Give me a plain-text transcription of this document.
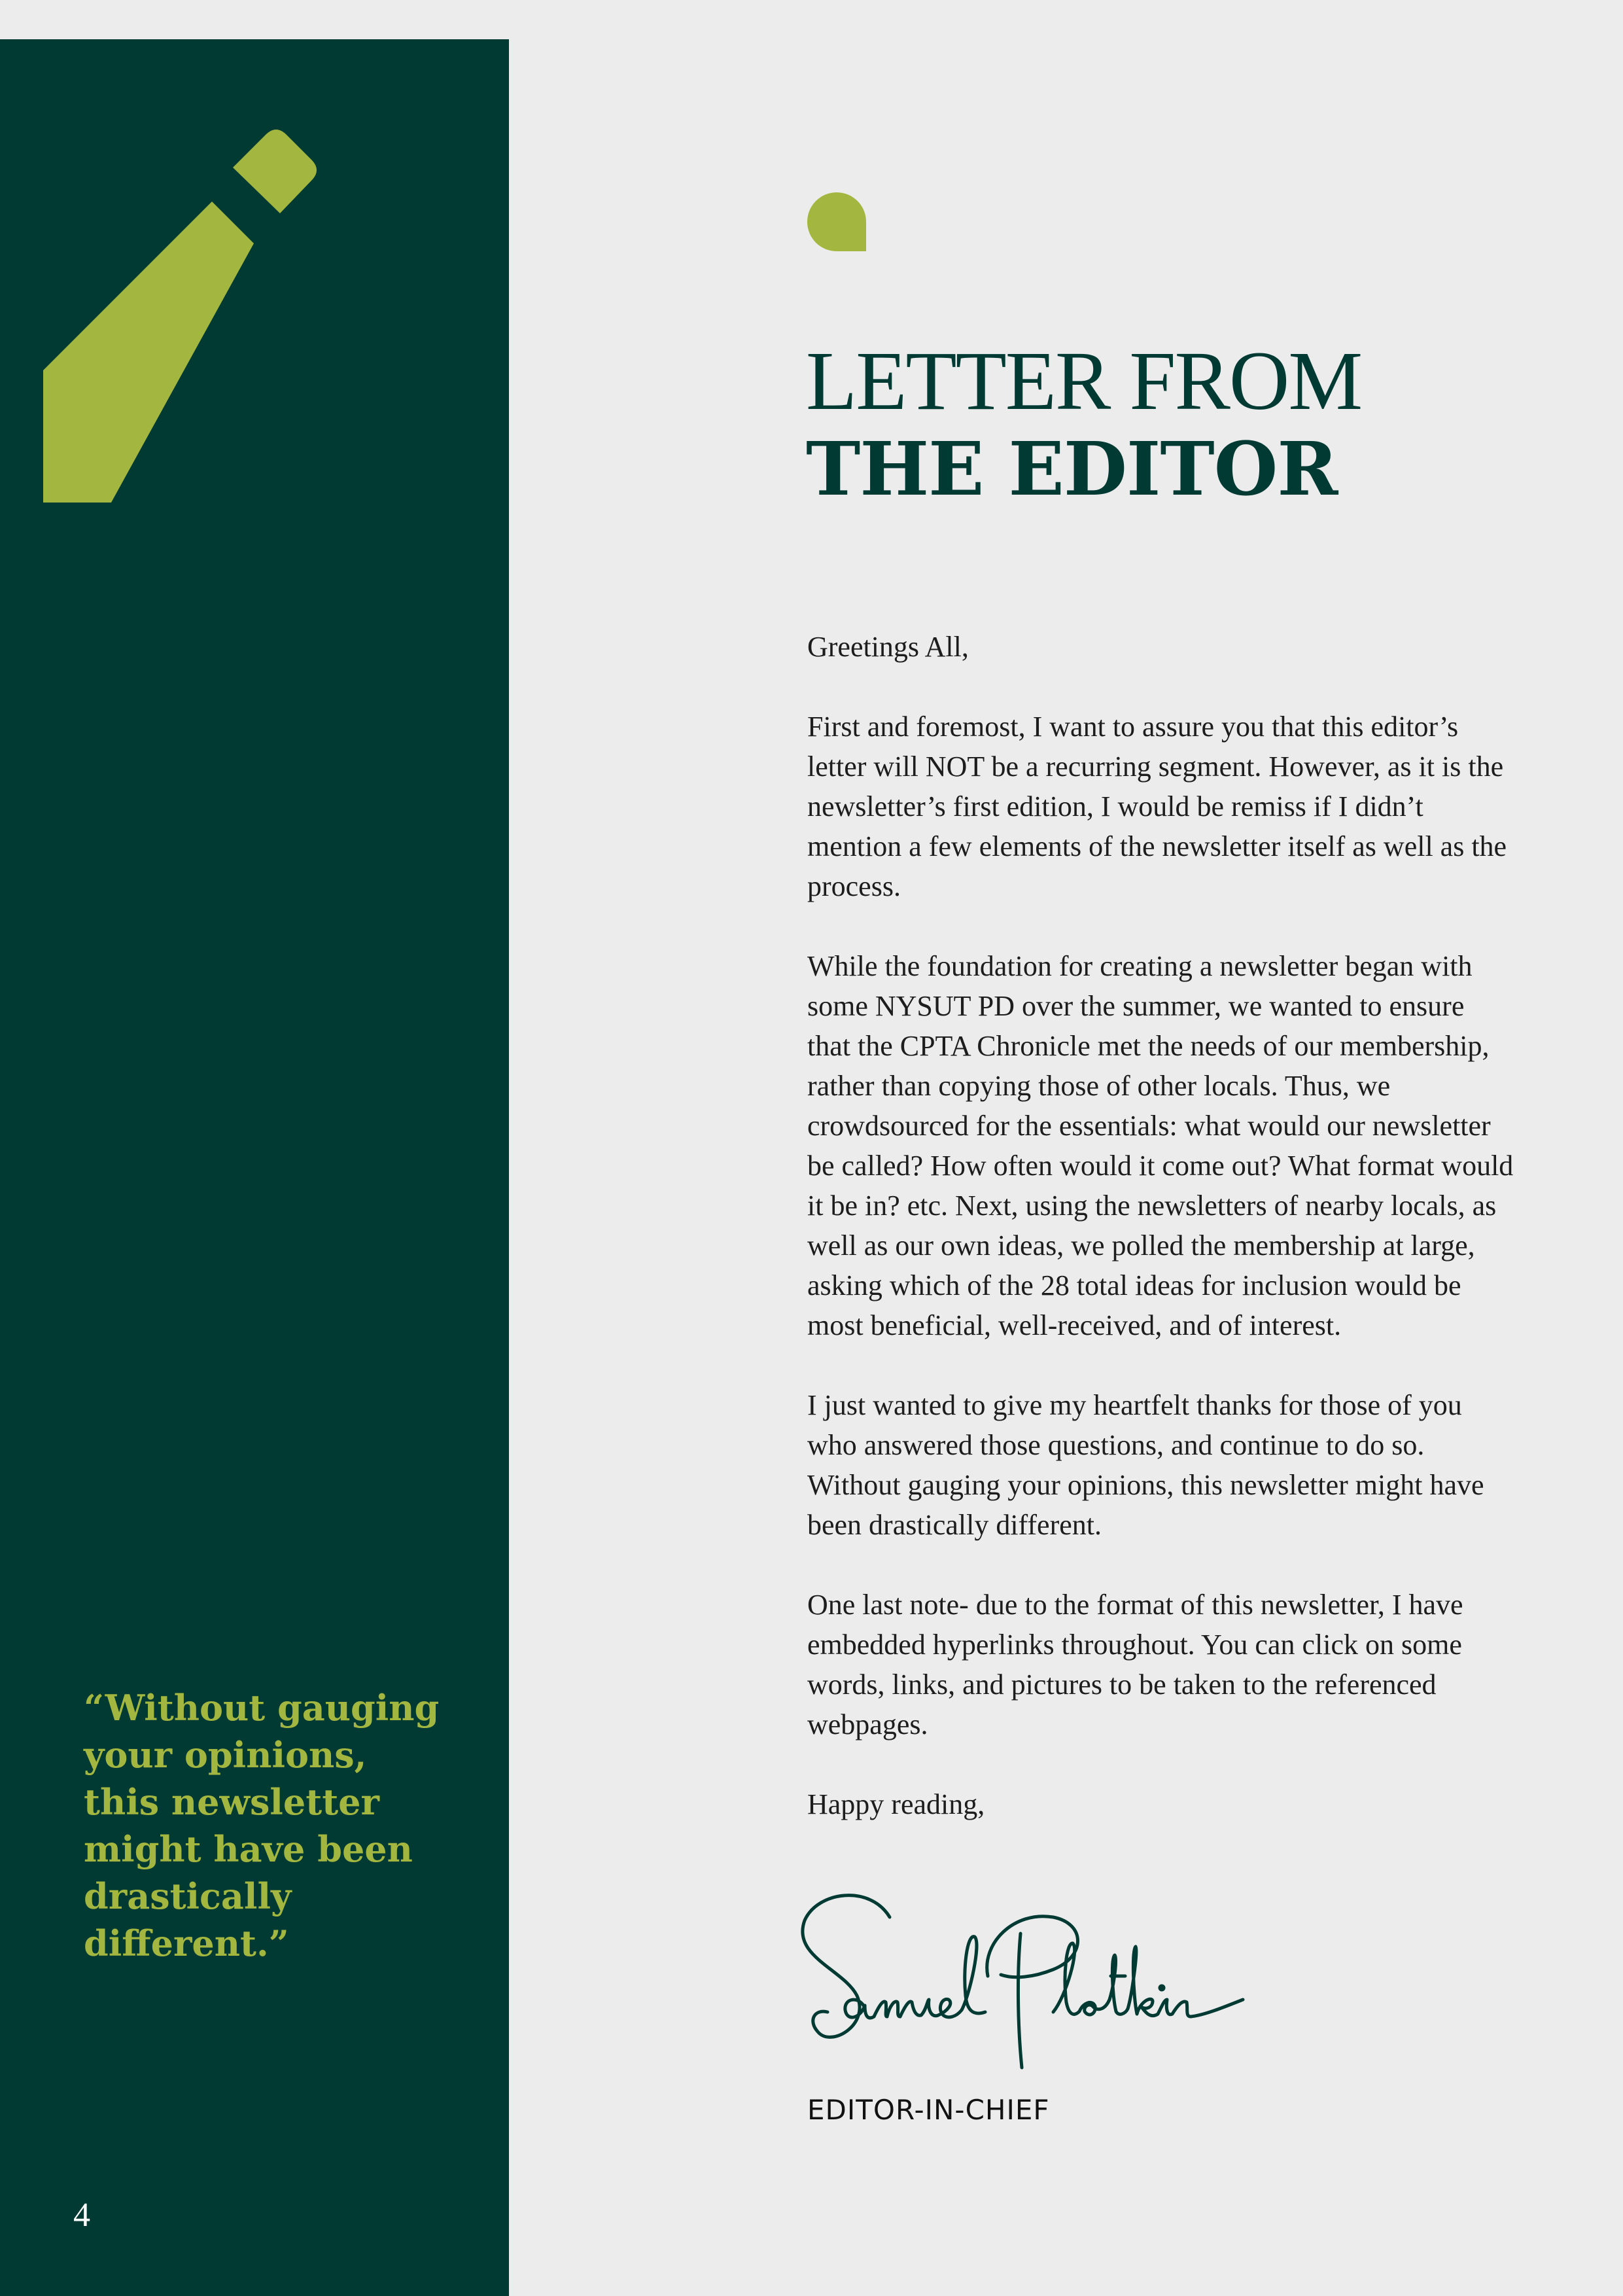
“Without gauging your opinions, this newsletter might have been drastically different.”

4
LETTER FROM
THE EDITOR

Greetings All,

First and foremost, I want to assure you that this editor’s letter will NOT be a recurring segment. However, as it is the newsletter’s first edition, I would be remiss if I didn’t mention a few elements of the newsletter itself as well as the process.

While the foundation for creating a newsletter began with some NYSUT PD over the summer, we wanted to ensure that the CPTA Chronicle met the needs of our membership, rather than copying those of other locals. Thus, we crowdsourced for the essentials: what would our newsletter be called? How often would it come out? What format would it be in? etc. Next, using the newsletters of nearby locals, as well as our own ideas, we polled the membership at large, asking which of the 28 total ideas for inclusion would be most beneficial, well-received, and of interest.

I just wanted to give my heartfelt thanks for those of you who answered those questions, and continue to do so. Without gauging your opinions, this newsletter might have been drastically different.

One last note- due to the format of this newsletter, I have embedded hyperlinks throughout. You can click on some words, links, and pictures to be taken to the referenced webpages.

Happy reading,

EDITOR-IN-CHIEF
